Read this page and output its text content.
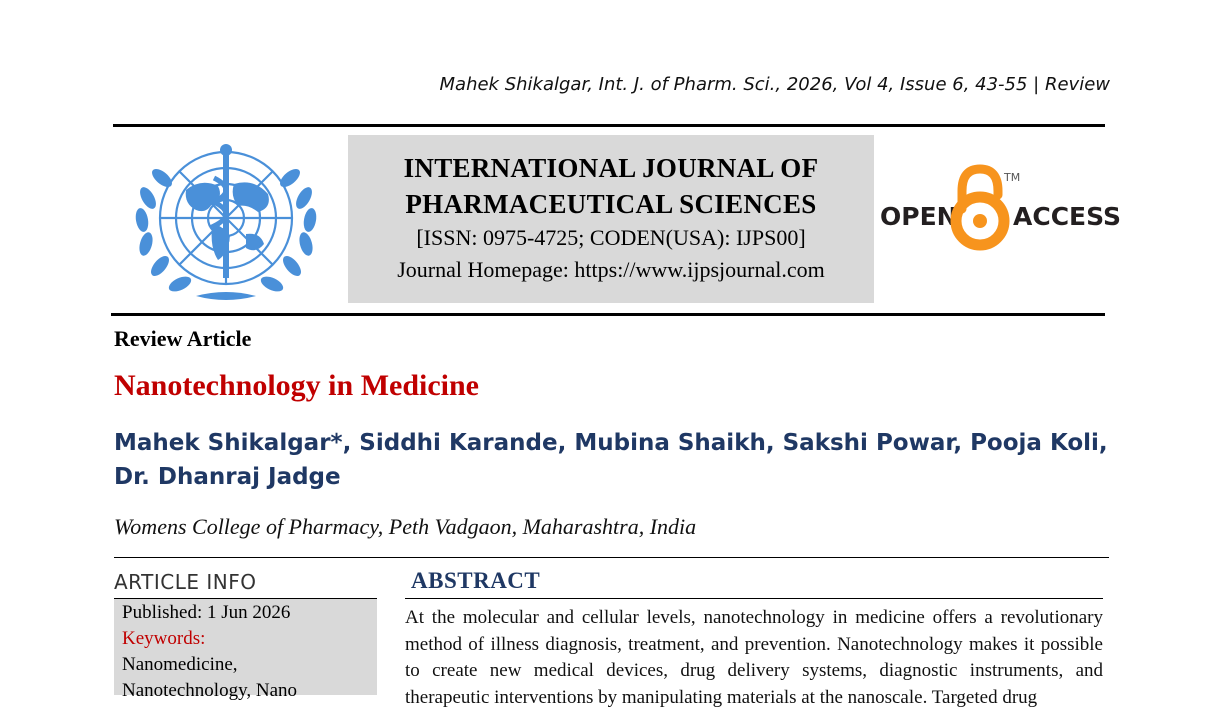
Mahek Shikalgar, Int. J. of Pharm. Sci., 2026, Vol 4, Issue 6, 43-55 | Review
INTERNATIONAL JOURNAL OF
PHARMACEUTICAL SCIENCES
[ISSN: 0975-4725; CODEN(USA): IJPS00]
Journal Homepage: https://www.ijpsjournal.com
OPEN
TM
ACCESS
Review Article
Nanotechnology in Medicine
Mahek Shikalgar*, Siddhi Karande, Mubina Shaikh, Sakshi Powar, Pooja Koli, Dr. Dhanraj Jadge
Womens College of Pharmacy, Peth Vadgaon, Maharashtra, India
ARTICLE INFO
Published: 1 Jun 2026
Keywords:
Nanomedicine,
Nanotechnology, Nano
ABSTRACT
At the molecular and cellular levels, nanotechnology in medicine offers a revolutionary method of illness diagnosis, treatment, and prevention. Nanotechnology makes it possible to create new medical devices, drug delivery systems, diagnostic instruments, and therapeutic interventions by manipulating materials at the nanoscale. Targeted drug
